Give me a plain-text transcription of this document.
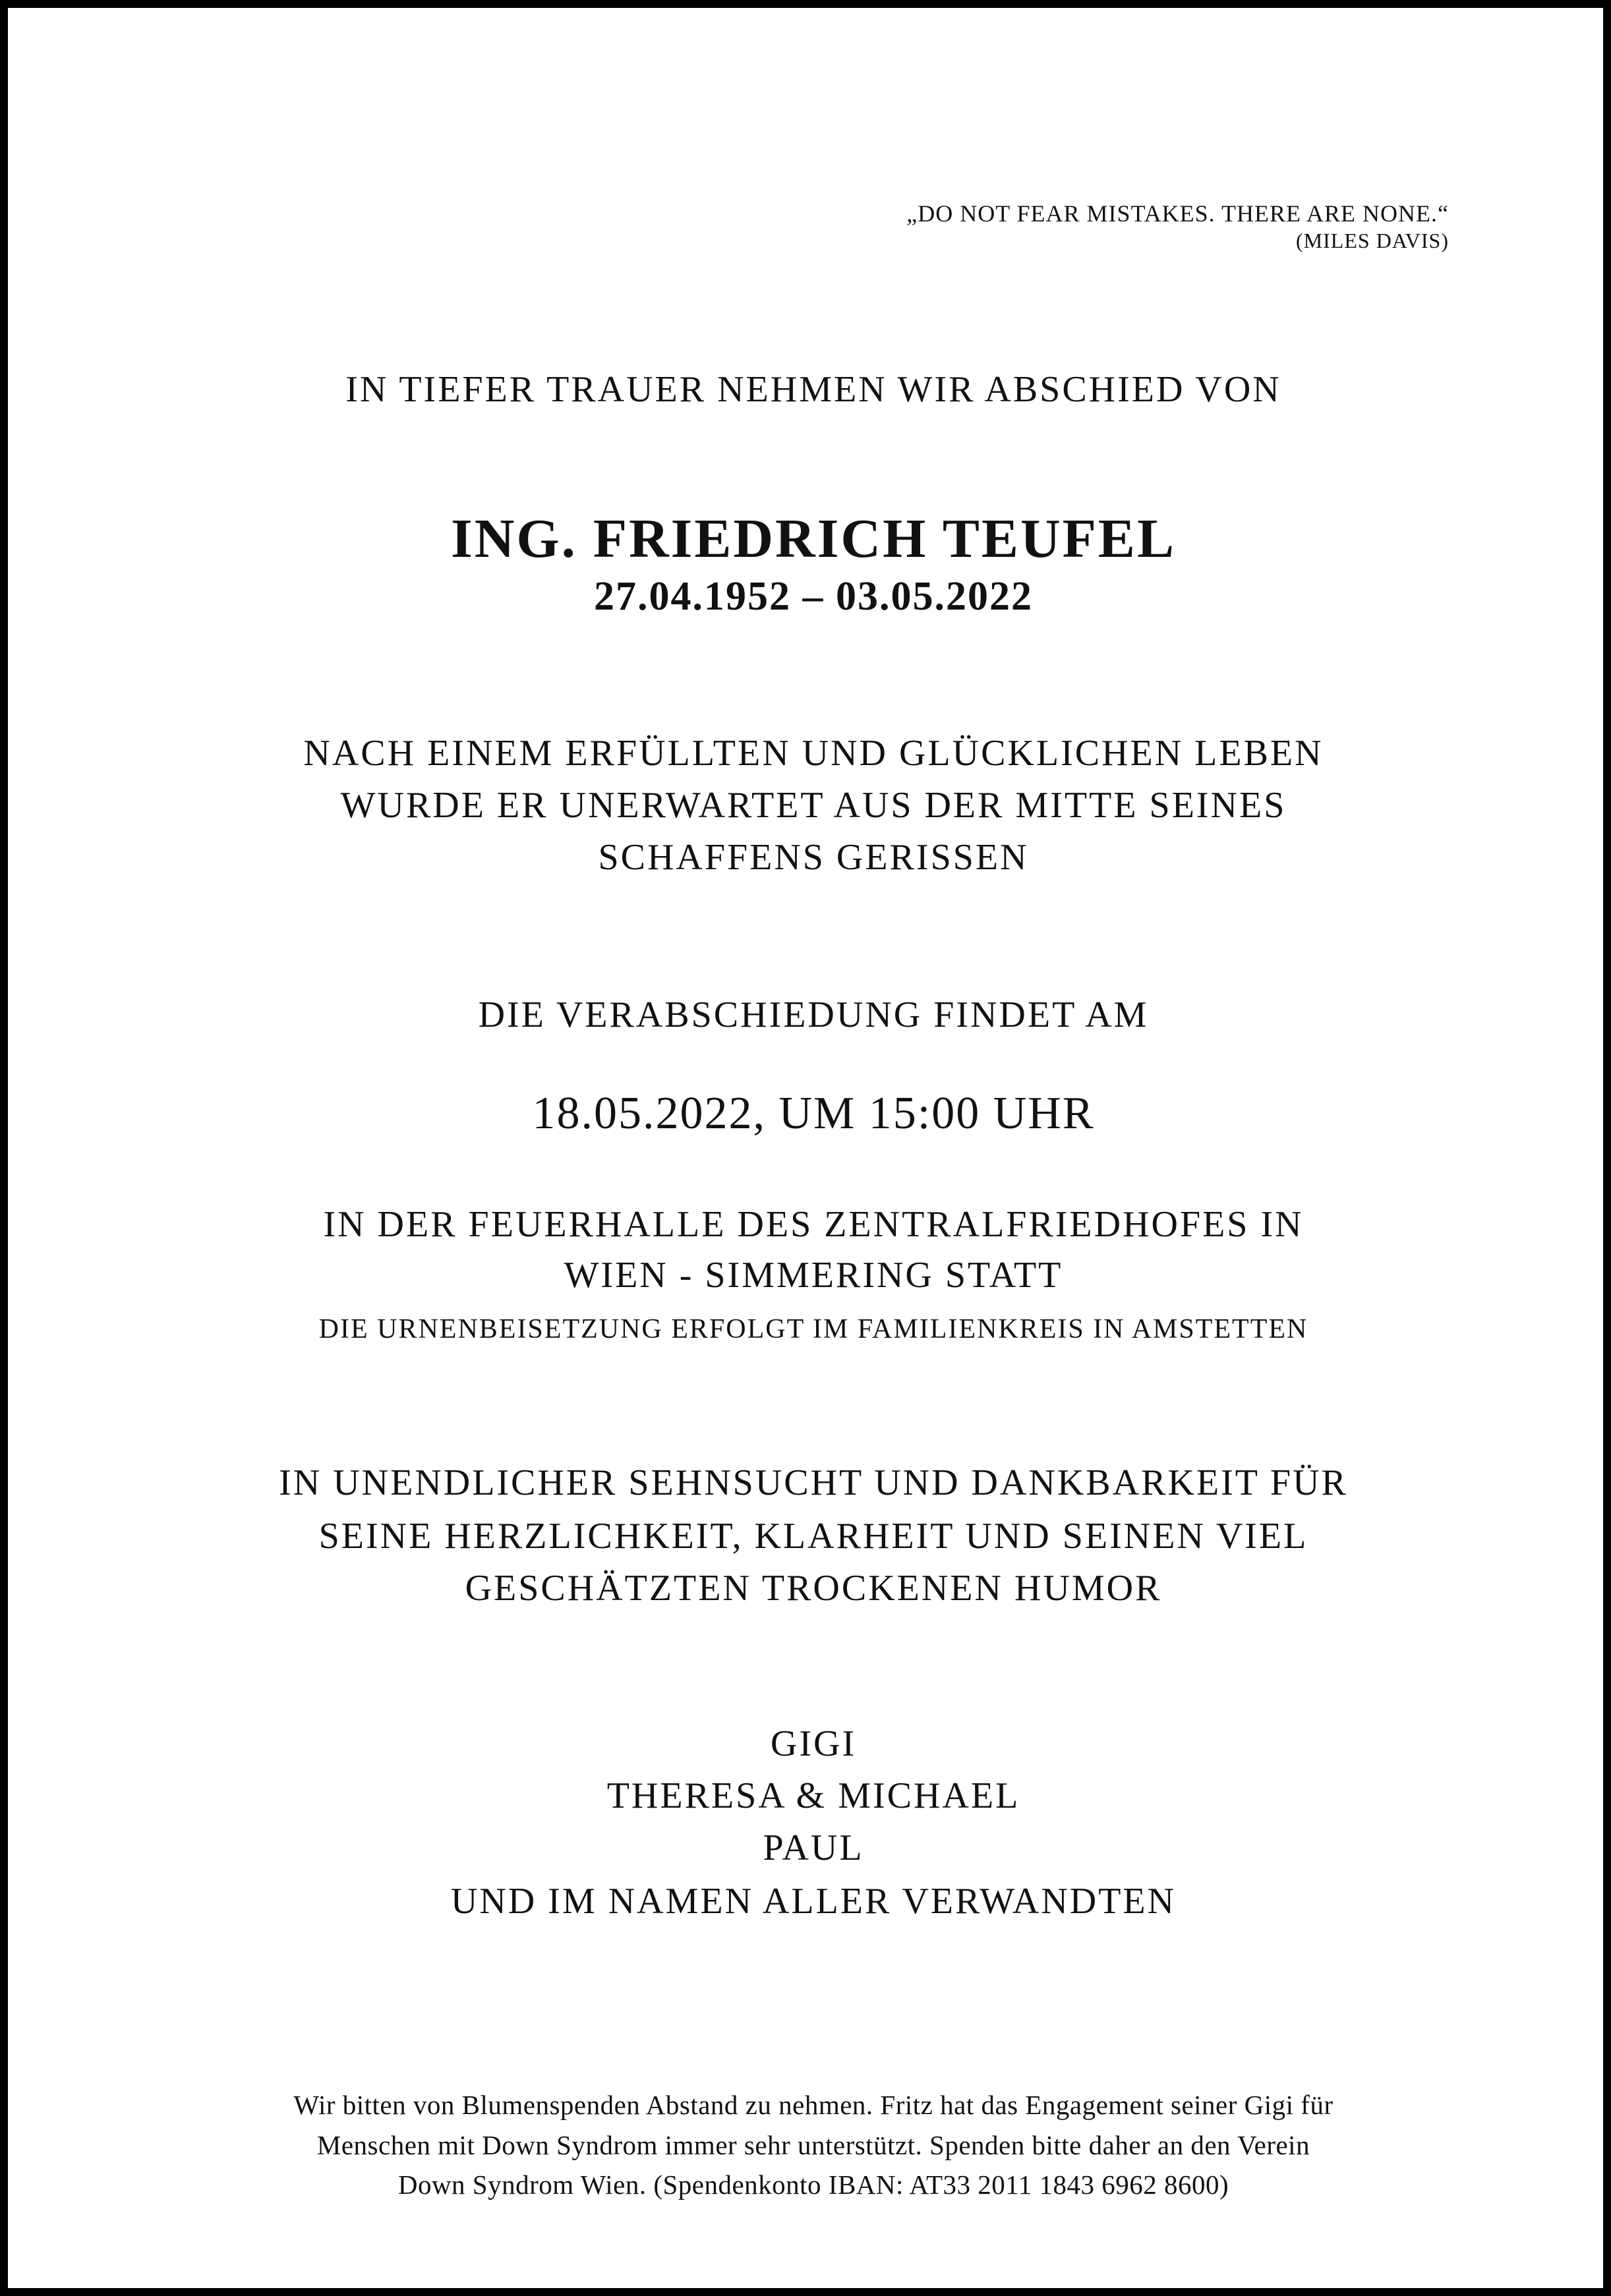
„DO NOT FEAR MISTAKES. THERE ARE NONE.“
(MILES DAVIS)
IN TIEFER TRAUER NEHMEN WIR ABSCHIED VON
ING. FRIEDRICH TEUFEL
27.04.1952 – 03.05.2022
NACH EINEM ERFÜLLTEN UND GLÜCKLICHEN LEBEN
WURDE ER UNERWARTET AUS DER MITTE SEINES
SCHAFFENS GERISSEN
DIE VERABSCHIEDUNG FINDET AM
18.05.2022, UM 15:00 UHR
IN DER FEUERHALLE DES ZENTRALFRIEDHOFES IN
WIEN - SIMMERING STATT
DIE URNENBEISETZUNG ERFOLGT IM FAMILIENKREIS IN AMSTETTEN
IN UNENDLICHER SEHNSUCHT UND DANKBARKEIT FÜR
SEINE HERZLICHKEIT, KLARHEIT UND SEINEN VIEL
GESCHÄTZTEN TROCKENEN HUMOR
GIGI
THERESA & MICHAEL
PAUL
UND IM NAMEN ALLER VERWANDTEN
Wir bitten von Blumenspenden Abstand zu nehmen. Fritz hat das Engagement seiner Gigi für
Menschen mit Down Syndrom immer sehr unterstützt. Spenden bitte daher an den Verein
Down Syndrom Wien. (Spendenkonto IBAN: AT33 2011 1843 6962 8600)
